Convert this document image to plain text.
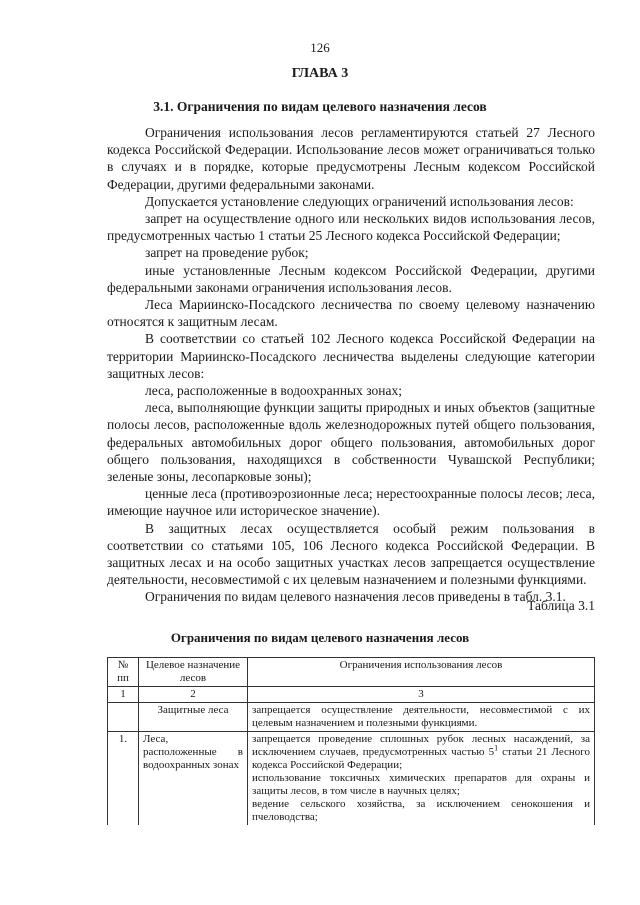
126
ГЛАВА 3
3.1. Ограничения по видам целевого назначения лесов

Ограничения использования лесов регламентируются статьей 27 Лесного кодекса Российской Федерации. Использование лесов может ограничиваться только в случаях и в порядке, которые предусмотрены Лесным кодексом Российской Федерации, другими федеральными законами.

Допускается установление следующих ограничений использования лесов:

запрет на осуществление одного или нескольких видов использования лесов, предусмотренных частью 1 статьи 25 Лесного кодекса Российской Федерации;

запрет на проведение рубок;

иные установленные Лесным кодексом Российской Федерации, другими федеральными законами ограничения использования лесов.

Леса Мариинско-Посадского лесничества по своему целевому назначению относятся к защитным лесам.

В соответствии со статьей 102 Лесного кодекса Российской Федерации на территории Мариинско-Посадского лесничества выделены следующие категории защитных лесов:

леса, расположенные в водоохранных зонах;

леса, выполняющие функции защиты природных и иных объектов (защитные полосы лесов, расположенные вдоль железнодорожных путей общего пользования, федеральных автомобильных дорог общего пользования, автомобильных дорог общего пользования, находящихся в собственности Чувашской Республики; зеленые зоны, лесопарковые зоны);

ценные леса (противоэрозионные леса; нерестоохранные полосы лесов; леса, имеющие научное или историческое значение).

В защитных лесах осуществляется особый режим пользования в соответствии со статьями 105, 106 Лесного кодекса Российской Федерации. В защитных лесах и на особо защитных участках лесов запрещается осуществление деятельности, несовместимой с их целевым назначением и полезными функциями.

Ограничения по видам целевого назначения лесов приведены в табл. 3.1.

Таблица 3.1
Ограничения по видам целевого назначения лесов
№ пп	Целевое назначение лесов	Ограничения использования лесов
1	2	3
	Защитные леса	запрещается осуществление деятельности, несовместимой с их целевым назначением и полезными функциями.

1.	Леса, расположенные в водоохранных зонах	запрещается проведение сплошных рубок лесных насаждений, за исключением случаев, предусмотренных частью $5^1$ статьи 21 Лесного кодекса Российской Федерации;
использование токсичных химических препаратов для охраны и защиты лесов, в том числе в научных целях;
ведение сельского хозяйства, за исключением сенокошения и пчеловодства;
